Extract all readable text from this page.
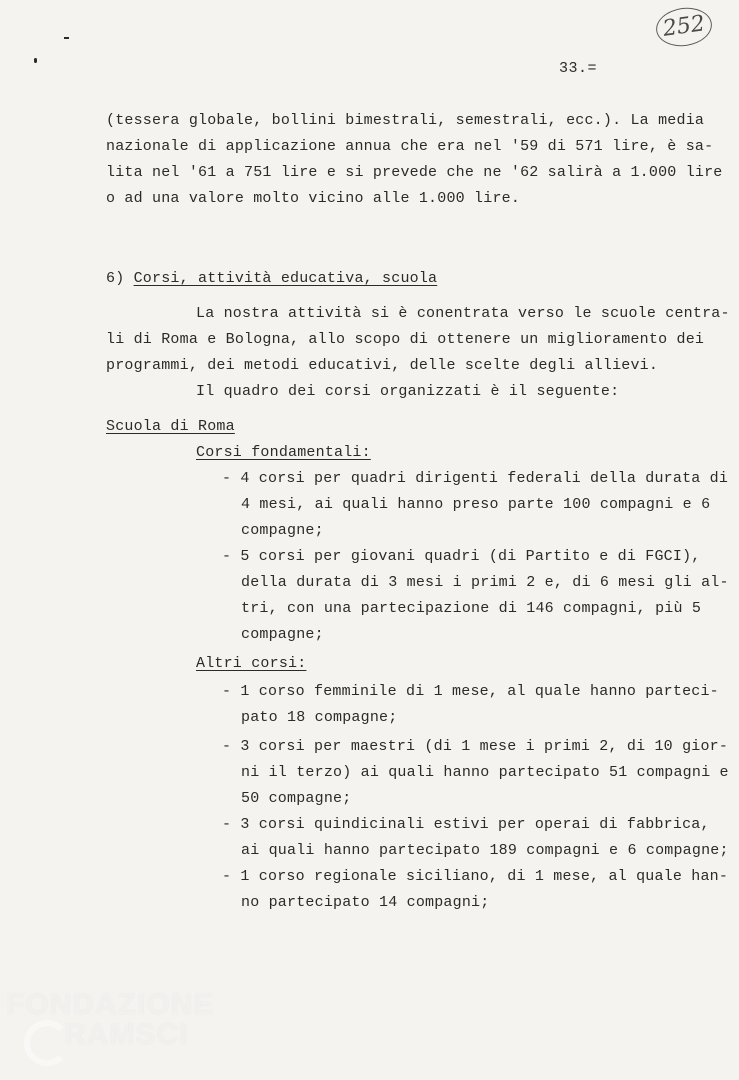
252
33.=
(tessera globale, bollini bimestrali, semestrali, ecc.). La media
nazionale di applicazione annua che era nel '59 di 571 lire, è sa-
lita nel '61 a 751 lire e si prevede che ne '62 salirà a 1.000 lire
o ad una valore molto vicino alle 1.000 lire.
6) Corsi, attività educativa, scuola
La nostra attività si è conentrata verso le scuole centra-
li di Roma e Bologna, allo scopo di ottenere un miglioramento dei
programmi, dei metodi educativi, delle scelte degli allievi.
Il quadro dei corsi organizzati è il seguente:
Scuola di Roma
Corsi fondamentali:
- 4 corsi per quadri dirigenti federali della durata di
4 mesi, ai quali hanno preso parte 100 compagni e 6
compagne;
- 5 corsi per giovani quadri (di Partito e di FGCI),
della durata di 3 mesi i primi 2 e, di 6 mesi gli al-
tri, con una partecipazione di 146 compagni, più 5
compagne;
Altri corsi:
- 1 corso femminile di 1 mese, al quale hanno parteci-
pato 18 compagne;
- 3 corsi per maestri (di 1 mese i primi 2, di 10 gior-
ni il terzo) ai quali hanno partecipato 51 compagni e
50 compagne;
- 3 corsi quindicinali estivi per operai di fabbrica,
ai quali hanno partecipato 189 compagni e 6 compagne;
- 1 corso regionale siciliano, di 1 mese, al quale han-
no partecipato 14 compagni;
FONDAZIONE
RAMSCI
